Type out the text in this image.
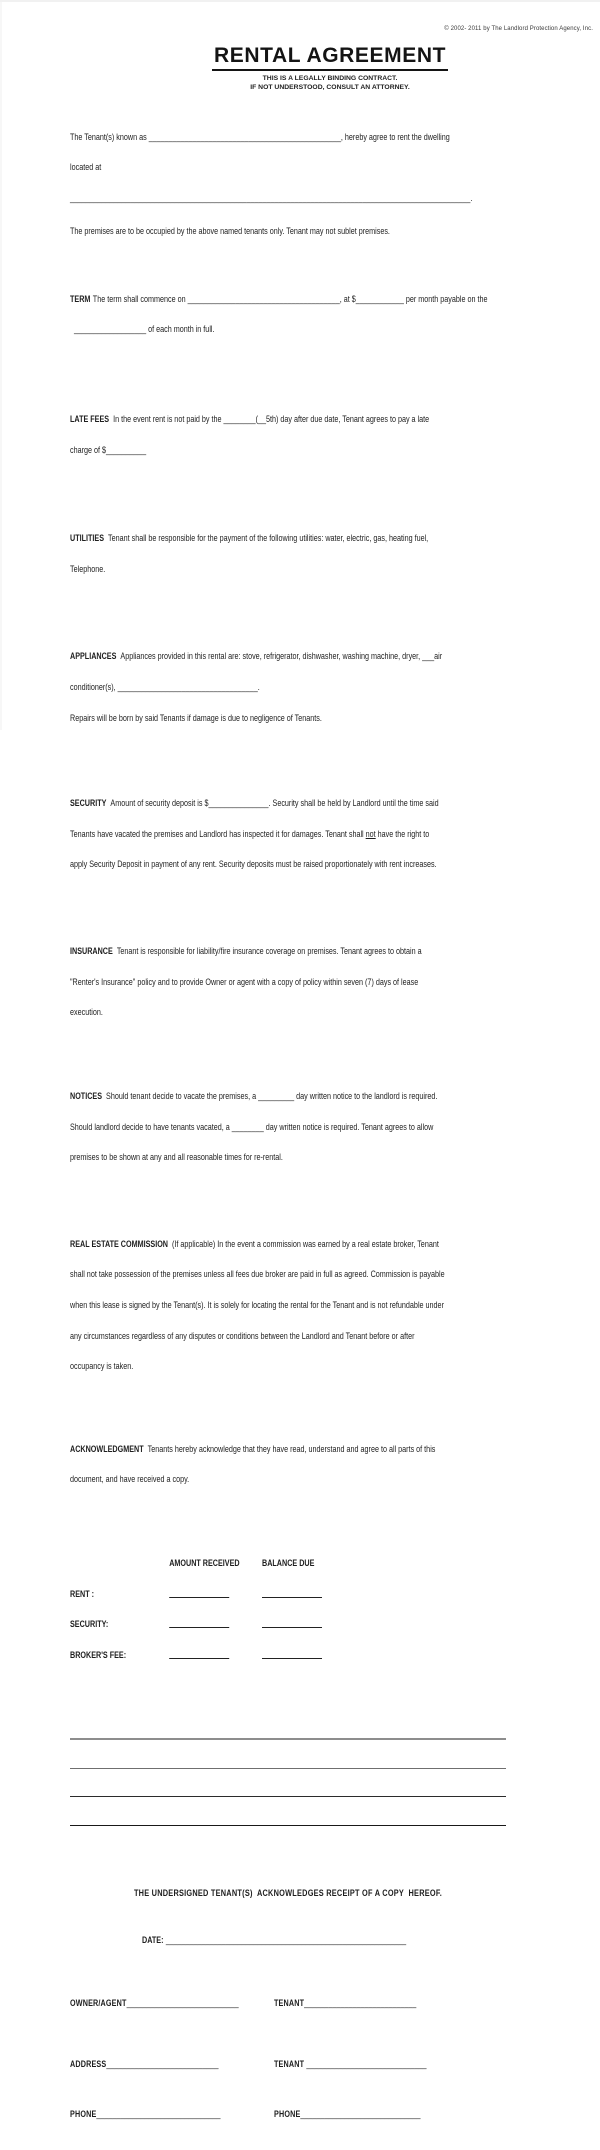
© 2002- 2011 by The Landlord Protection Agency, Inc.
RENTAL AGREEMENT
THIS IS A LEGALLY BINDING CONTRACT.
IF NOT UNDERSTOOD, CONSULT AN ATTORNEY.

The Tenant(s) known as ________________________________________________, hereby agree to rent the dwelling

located at

____________________________________________________________________________________________________.

The premises are to be occupied by the above named tenants only. Tenant may not sublet premises.

TERM The term shall commence on ______________________________________, at $____________ per month payable on the

__________________ of each month in full.

LATE FEES In the event rent is not paid by the ________(__5th) day after due date, Tenant agrees to pay a late

charge of $__________

UTILITIES Tenant shall be responsible for the payment of the following utilities: water, electric, gas, heating fuel,

Telephone.

APPLIANCES Appliances provided in this rental are: stove, refrigerator, dishwasher, washing machine, dryer, ___air

conditioner(s), ___________________________________.

Repairs will be born by said Tenants if damage is due to negligence of Tenants.

SECURITY Amount of security deposit is $_______________. Security shall be held by Landlord until the time said

Tenants have vacated the premises and Landlord has inspected it for damages. Tenant shall not have the right to

apply Security Deposit in payment of any rent. Security deposits must be raised proportionately with rent increases.

INSURANCE Tenant is responsible for liability/fire insurance coverage on premises. Tenant agrees to obtain a

"Renter's Insurance" policy and to provide Owner or agent with a copy of policy within seven (7) days of lease

execution.

NOTICES Should tenant decide to vacate the premises, a _________ day written notice to the landlord is required.

Should landlord decide to have tenants vacated, a ________ day written notice is required. Tenant agrees to allow

premises to be shown at any and all reasonable times for re-rental.

REAL ESTATE COMMISSION (If applicable) In the event a commission was earned by a real estate broker, Tenant

shall not take possession of the premises unless all fees due broker are paid in full as agreed. Commission is payable

when this lease is signed by the Tenant(s). It is solely for locating the rental for the Tenant and is not refundable under

any circumstances regardless of any disputes or conditions between the Landlord and Tenant before or after

occupancy is taken.

ACKNOWLEDGMENT Tenants hereby acknowledge that they have read, understand and agree to all parts of this

document, and have received a copy.

AMOUNT RECEIVED	BALANCE DUE

RENT :

SECURITY:

BROKER'S FEE:

THE UNDERSIGNED TENANT(S)  ACKNOWLEDGES RECEIPT OF A COPY  HEREOF.

DATE: ____________________________________________________________

OWNER/AGENT____________________________	TENANT____________________________

ADDRESS____________________________	TENANT ______________________________

PHONE_______________________________	PHONE______________________________
